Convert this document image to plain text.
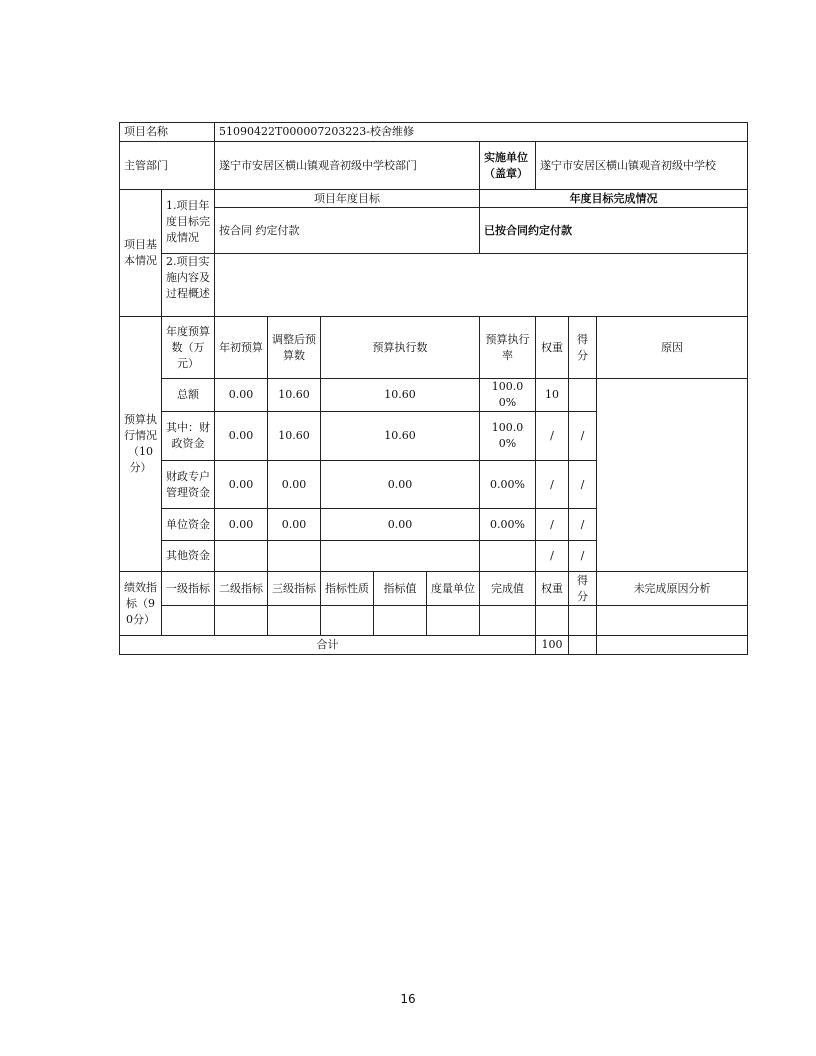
项目名称		51090422T000007203223-校舍维修								
主管部门		遂宁市安居区横山镇观音初级中学校部门					实施单位（盖章）	遂宁市安居区横山镇观音初级中学校		
项目基本情况	1.项目年度目标完成情况	项目年度目标					年度目标完成情况			
		按合同 约定付款					已按合同约定付款			
	2.项目实施内容及过程概述									

预算执行情况（10分）	年度预算数（万元）	年初预算	调整后预算数	预算执行数			预算执行率	权重	得分	原因
	总额	0.00	10.60	10.60			100.00%	10		
	其中：财政资金	0.00	10.60	10.60			100.00%	/	/	
	财政专户管理资金	0.00	0.00	0.00			0.00%	/	/	
	单位资金	0.00	0.00	0.00			0.00%	/	/	
	其他资金							/	/	
绩效指标（90分）	一级指标	二级指标	三级指标	指标性质	指标值	度量单位	完成值	权重	得分	未完成原因分析

合计								100		
16
